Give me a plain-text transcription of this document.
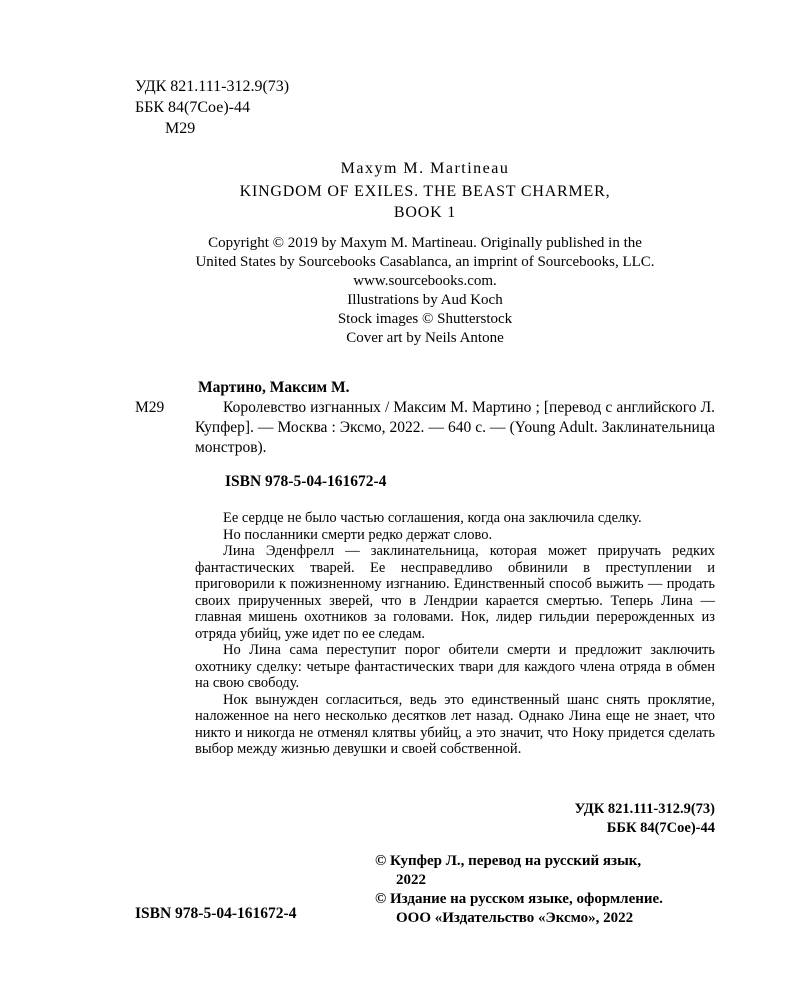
УДК 821.111-312.9(73)
ББК 84(7Сое)-44
М29
Maxym M. Martineau
KINGDOM OF EXILES. THE BEAST CHARMER,
BOOK 1
Copyright © 2019 by Maxym M. Martineau. Originally published in the
United States by Sourcebooks Casablanca, an imprint of Sourcebooks, LLC.
www.sourcebooks.com.
Illustrations by Aud Koch
Stock images © Shutterstock
Cover art by Neils Antone
Мартино, Максим М.
М29	Королевство изгнанных / Максим М. Мартино ; [перевод с английского Л. Купфер]. — Москва : Эксмо, 2022. — 640 с. — (Young Adult. Заклинательница монстров).
ISBN 978-5-04-161672-4

Ее сердце не было частью соглашения, когда она заключила сделку.

Но посланники смерти редко держат слово.

Лина Эденфрелл — заклинательница, которая может приручать редких фантастических тварей. Ее несправедливо обвинили в преступлении и приговорили к пожизненному изгнанию. Единственный способ выжить — продать своих прирученных зверей, что в Лендрии карается смертью. Теперь Лина — главная мишень охотников за головами. Нок, лидер гильдии перерожденных из отряда убийц, уже идет по ее следам.

Но Лина сама переступит порог обители смерти и предложит заключить охотнику сделку: четыре фантастических твари для каждого члена отряда в обмен на свою свободу.

Нок вынужден согласиться, ведь это единственный шанс снять проклятие, наложенное на него несколько десятков лет назад. Однако Лина еще не знает, что никто и никогда не отменял клятвы убийц, а это значит, что Ноку придется сделать выбор между жизнью девушки и своей собственной.

УДК 821.111-312.9(73)
ББК 84(7Сое)-44
© Купфер Л., перевод на русский язык,
2022
© Издание на русском языке, оформление.
ООО «Издательство «Эксмо», 2022
ISBN 978-5-04-161672-4
